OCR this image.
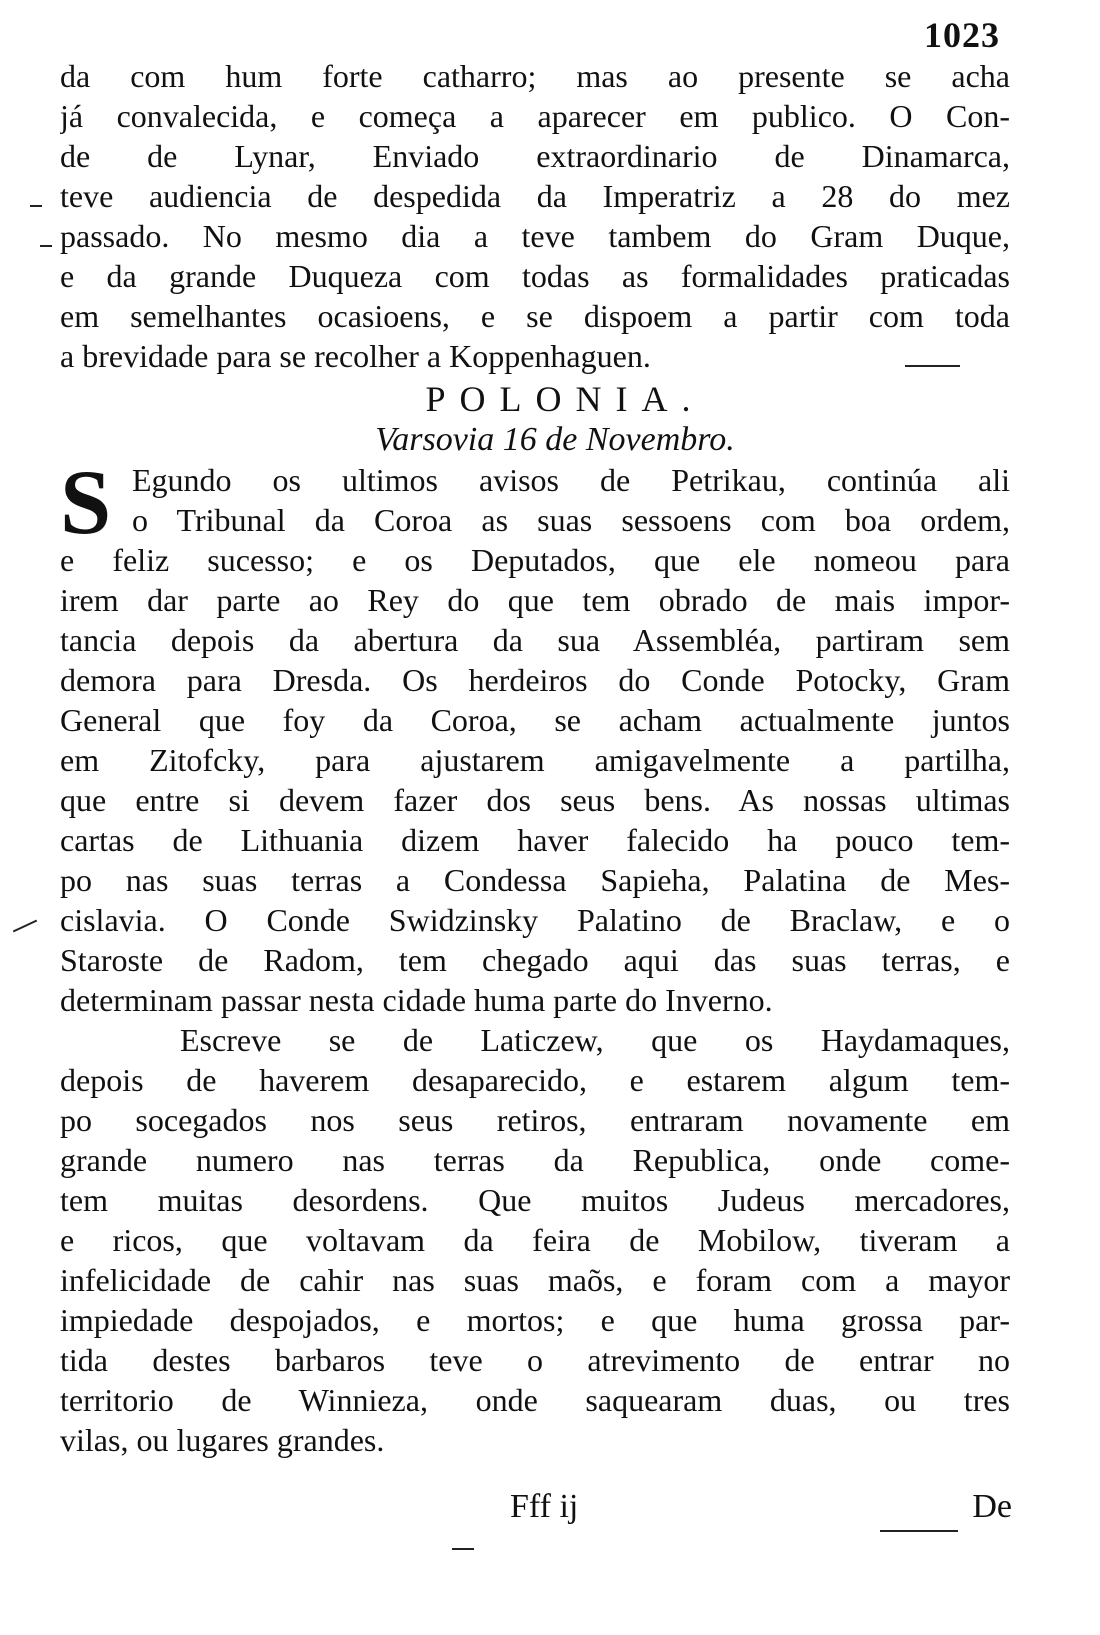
1023
da com hum forte catharro; mas ao presente se acha
já convalecida, e começa a aparecer em publico. O Con-
de de Lynar, Enviado extraordinario de Dinamarca,
teve audiencia de despedida da Imperatriz a 28 do mez
passado. No mesmo dia a teve tambem do Gram Duque,
e da grande Duqueza com todas as formalidades praticadas
em semelhantes ocasioens, e se dispoem a partir com toda
a brevidade para se recolher a Koppenhaguen.
POLONIA.
Varsovia 16 de Novembro.
S Egundo os ultimos avisos de Petrikau, continúa ali
o Tribunal da Coroa as suas sessoens com boa ordem,
e feliz sucesso; e os Deputados, que ele nomeou para
irem dar parte ao Rey do que tem obrado de mais impor-
tancia depois da abertura da sua Assembléa, partiram sem
demora para Dresda. Os herdeiros do Conde Potocky, Gram
General que foy da Coroa, se acham actualmente juntos
em Zitofcky, para ajustarem amigavelmente a partilha,
que entre si devem fazer dos seus bens. As nossas ultimas
cartas de Lithuania dizem haver falecido ha pouco tem-
po nas suas terras a Condessa Sapieha, Palatina de Mes-
cislavia. O Conde Swidzinsky Palatino de Braclaw, e o
Staroste de Radom, tem chegado aqui das suas terras, e
determinam passar nesta cidade huma parte do Inverno.
Escreve se de Laticzew, que os Haydamaques,
depois de haverem desaparecido, e estarem algum tem-
po socegados nos seus retiros, entraram novamente em
grande numero nas terras da Republica, onde come-
tem muitas desordens. Que muitos Judeus mercadores,
e ricos, que voltavam da feira de Mobilow, tiveram a
infelicidade de cahir nas suas maõs, e foram com a mayor
impiedade despojados, e mortos; e que huma grossa par-
tida destes barbaros teve o atrevimento de entrar no
territorio de Winnieza, onde saquearam duas, ou tres
vilas, ou lugares grandes.
Fff ij	De
